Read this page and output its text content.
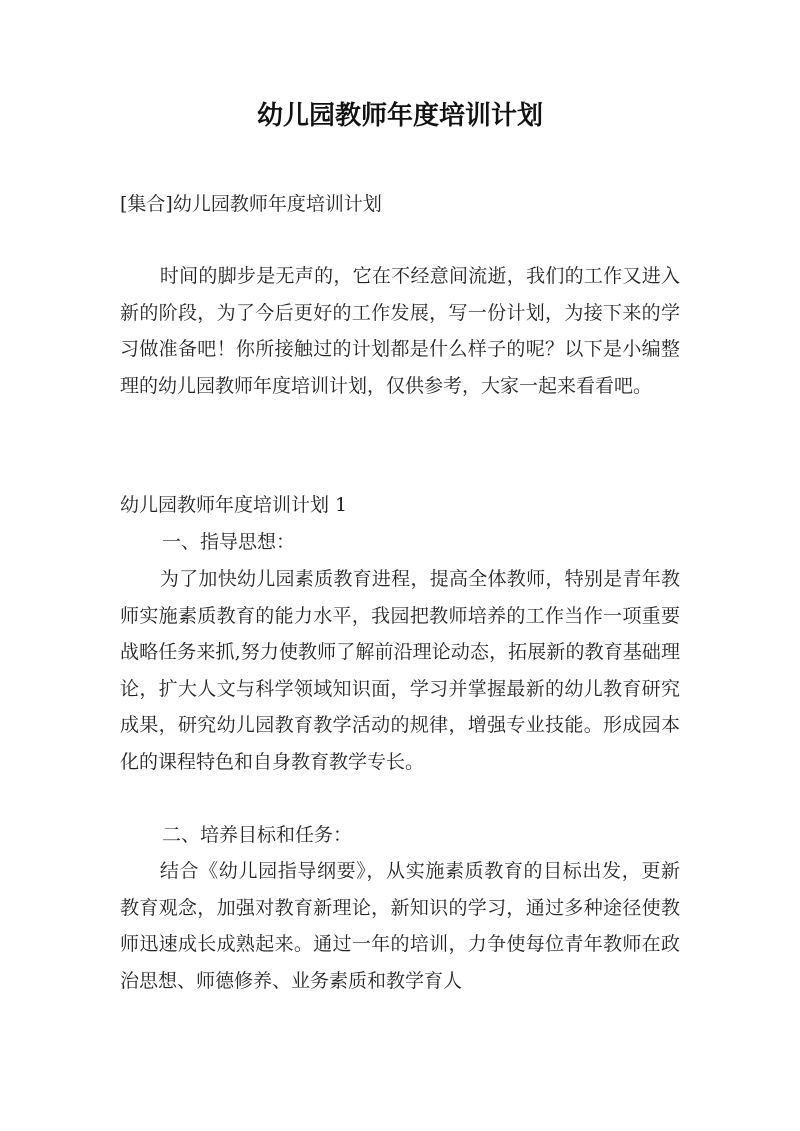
幼儿园教师年度培训计划

[集合]幼儿园教师年度培训计划

时间的脚步是无声的，它在不经意间流逝，我们的工作又进入新的阶段，为了今后更好的工作发展，写一份计划，为接下来的学习做准备吧！你所接触过的计划都是什么样子的呢？以下是小编整理的幼儿园教师年度培训计划，仅供参考，大家一起来看看吧。

幼儿园教师年度培训计划 1

一、指导思想：

为了加快幼儿园素质教育进程，提高全体教师，特别是青年教师实施素质教育的能力水平，我园把教师培养的工作当作一项重要战略任务来抓,努力使教师了解前沿理论动态，拓展新的教育基础理论，扩大人文与科学领域知识面，学习并掌握最新的幼儿教育研究成果，研究幼儿园教育教学活动的规律，增强专业技能。形成园本化的课程特色和自身教育教学专长。

二、培养目标和任务：

结合《幼儿园指导纲要》，从实施素质教育的目标出发，更新教育观念，加强对教育新理论，新知识的学习，通过多种途径使教师迅速成长成熟起来。通过一年的培训，力争使每位青年教师在政治思想、师德修养、业务素质和教学育人
